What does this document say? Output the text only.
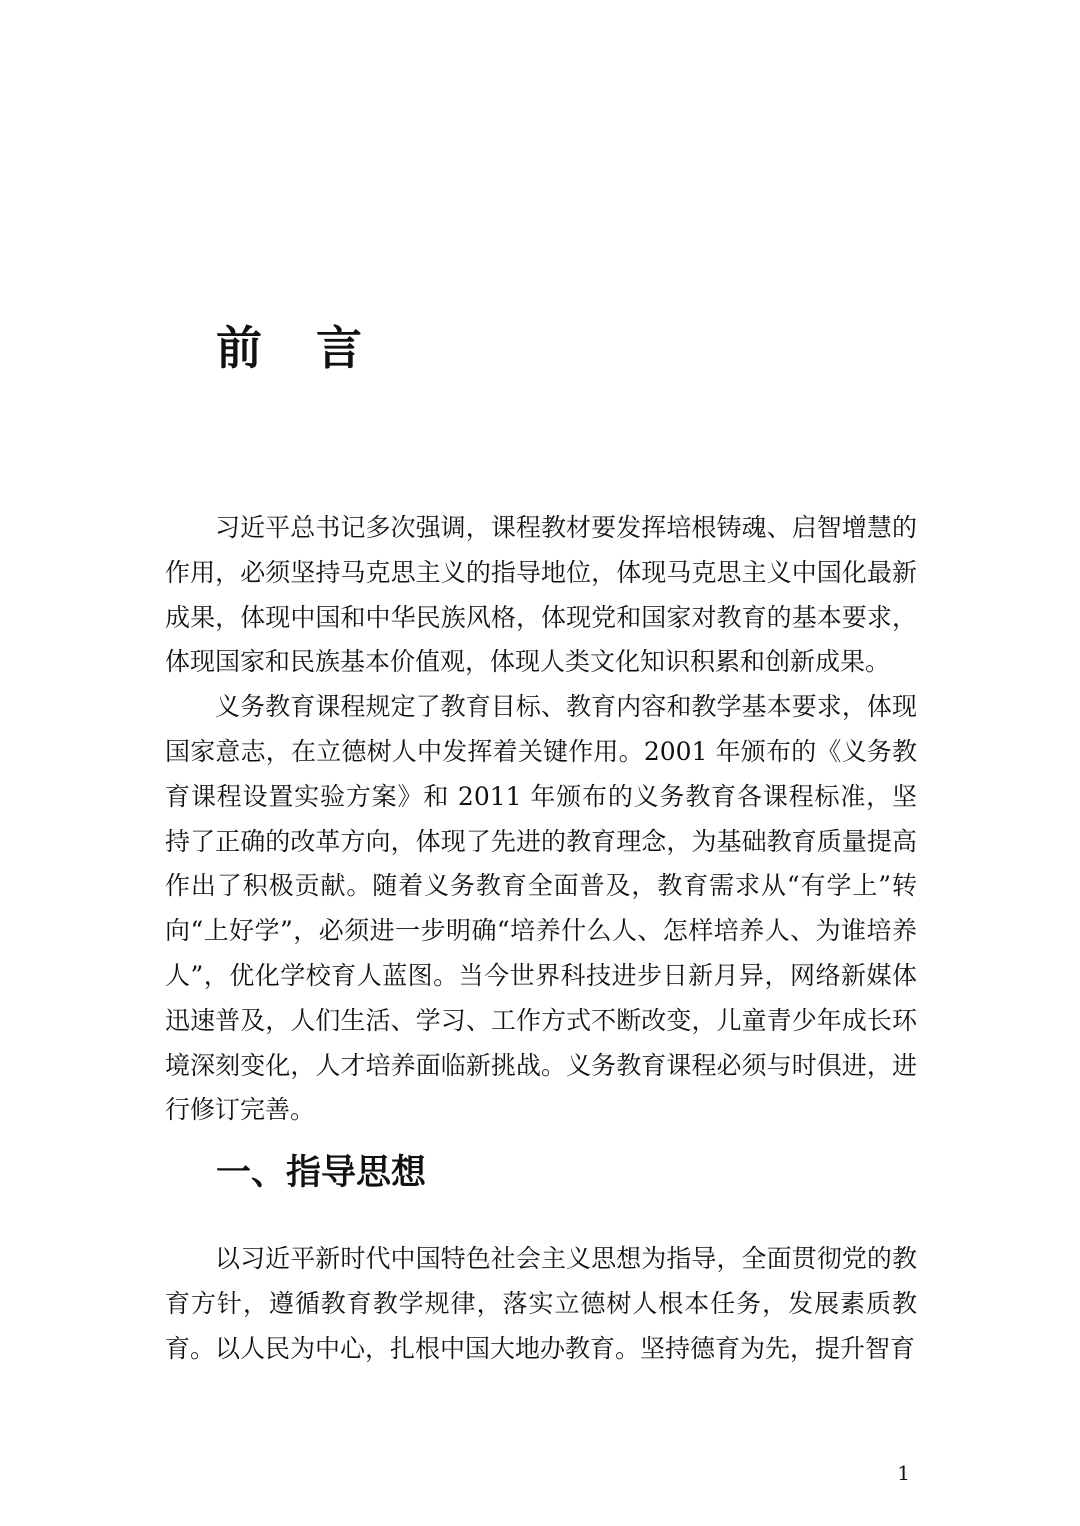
前言

习近平总书记多次强调，课程教材要发挥培根铸魂、启智增慧的作用，必须坚持马克思主义的指导地位，体现马克思主义中国化最新成果，体现中国和中华民族风格，体现党和国家对教育的基本要求，体现国家和民族基本价值观，体现人类文化知识积累和创新成果。

义务教育课程规定了教育目标、教育内容和教学基本要求，体现国家意志，在立德树人中发挥着关键作用。2001 年颁布的《义务教育课程设置实验方案》和 2011 年颁布的义务教育各课程标准，坚持了正确的改革方向，体现了先进的教育理念，为基础教育质量提高作出了积极贡献。随着义务教育全面普及，教育需求从“有学上”转向“上好学”，必须进一步明确“培养什么人、怎样培养人、为谁培养人”，优化学校育人蓝图。当今世界科技进步日新月异，网络新媒体迅速普及，人们生活、学习、工作方式不断改变，儿童青少年成长环境深刻变化，人才培养面临新挑战。义务教育课程必须与时俱进，进行修订完善。

一、指导思想

以习近平新时代中国特色社会主义思想为指导，全面贯彻党的教育方针，遵循教育教学规律，落实立德树人根本任务，发展素质教育。以人民为中心，扎根中国大地办教育。坚持德育为先，提升智育

1
